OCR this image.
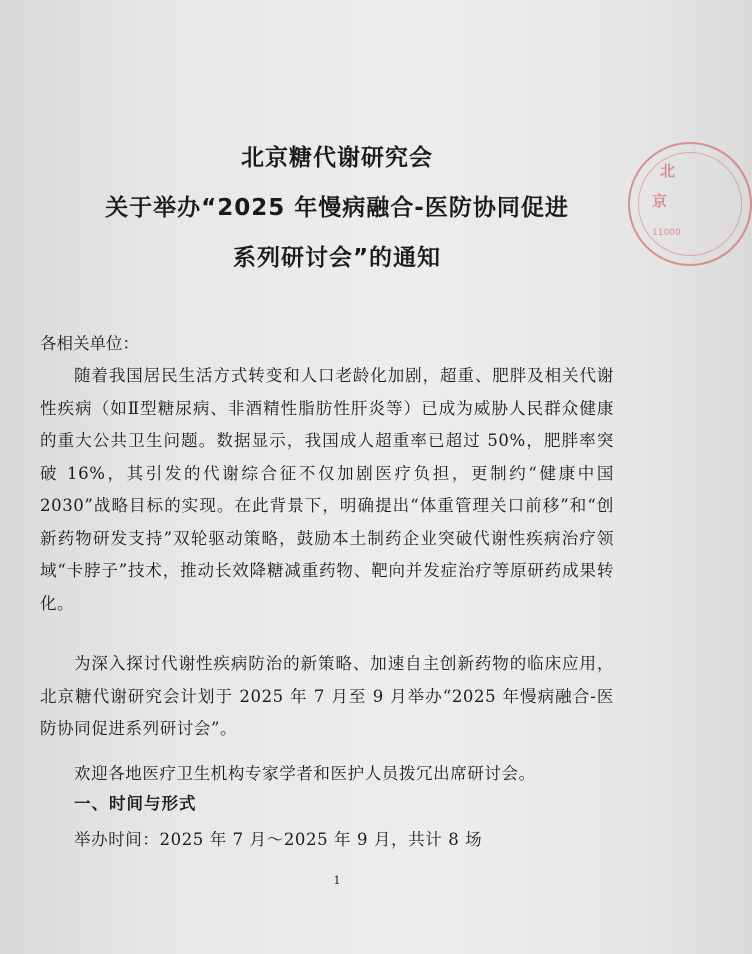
北京糖代谢研究会
关于举办“2025 年慢病融合-医防协同促进
系列研讨会”的通知
各相关单位：
随着我国居民生活方式转变和人口老龄化加剧，超重、肥胖及相关代谢性疾病（如Ⅱ型糖尿病、非酒精性脂肪性肝炎等）已成为威胁人民群众健康的重大公共卫生问题。数据显示，我国成人超重率已超过 50%，肥胖率突破 16%，其引发的代谢综合征不仅加剧医疗负担，更制约“健康中国 2030”战略目标的实现。在此背景下，明确提出“体重管理关口前移”和“创新药物研发支持”双轮驱动策略，鼓励本土制药企业突破代谢性疾病治疗领域“卡脖子”技术，推动长效降糖减重药物、靶向并发症治疗等原研药成果转化。
为深入探讨代谢性疾病防治的新策略、加速自主创新药物的临床应用，北京糖代谢研究会计划于 2025 年 7 月至 9 月举办“2025 年慢病融合-医防协同促进系列研讨会”。
欢迎各地医疗卫生机构专家学者和医护人员拨冗出席研讨会。
一、时间与形式
举办时间：2025 年 7 月～2025 年 9 月，共计 8 场
1
北
京
11000
